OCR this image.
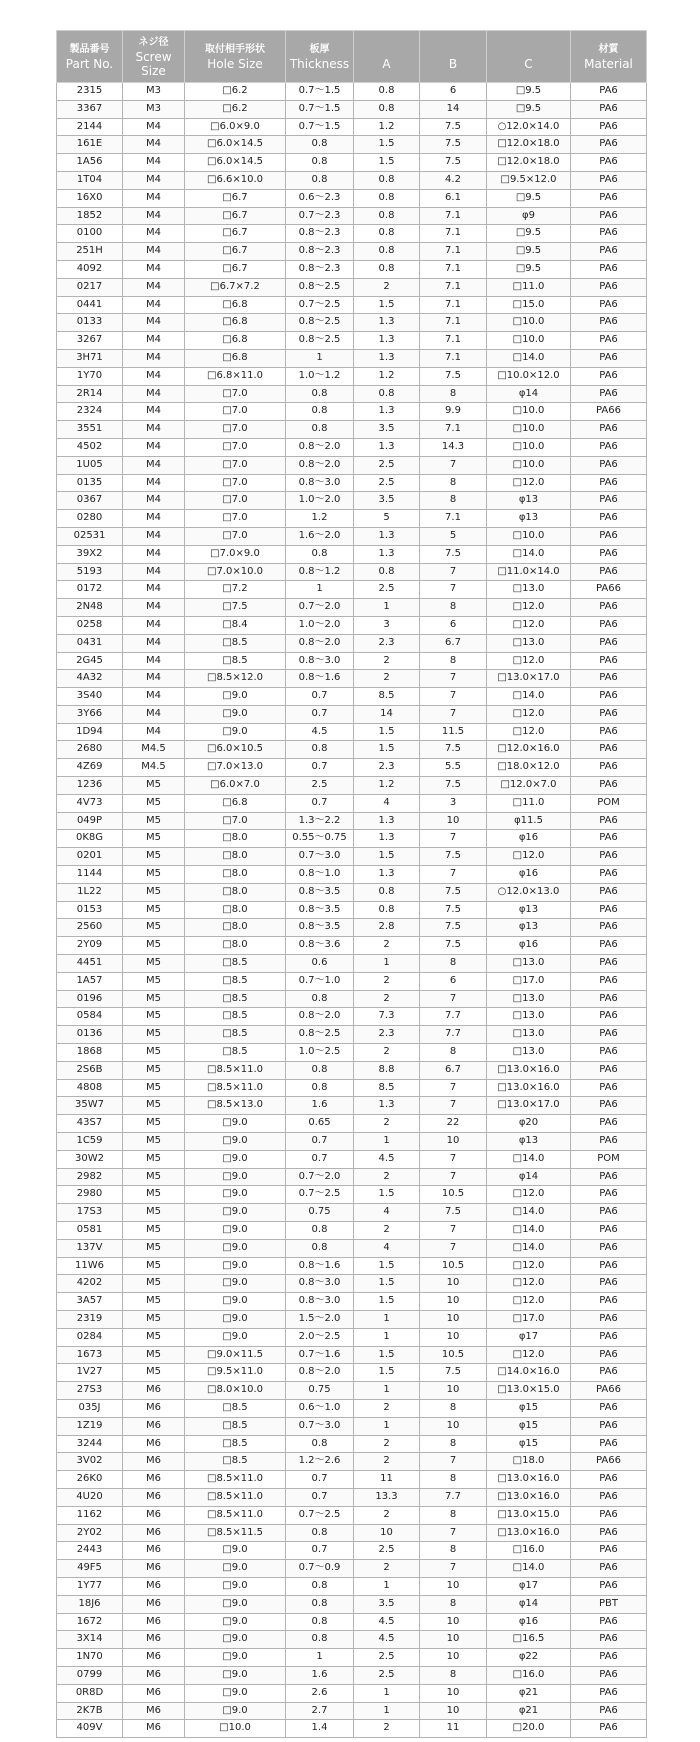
製品番号
Part No.	ネジ径
Screw
Size	取付相手形状
Hole Size	板厚
Thickness	A	B	C	材質
Material

2315	M3	□6.2	0.7～1.5	0.8	6	□9.5	PA6
3367	M3	□6.2	0.7～1.5	0.8	14	□9.5	PA6
2144	M4	□6.0×9.0	0.7～1.5	1.2	7.5	○12.0×14.0	PA6
161E	M4	□6.0×14.5	0.8	1.5	7.5	□12.0×18.0	PA6
1A56	M4	□6.0×14.5	0.8	1.5	7.5	□12.0×18.0	PA6
1T04	M4	□6.6×10.0	0.8	0.8	4.2	□9.5×12.0	PA6
16X0	M4	□6.7	0.6～2.3	0.8	6.1	□9.5	PA6
1852	M4	□6.7	0.7～2.3	0.8	7.1	φ9	PA6
0100	M4	□6.7	0.8～2.3	0.8	7.1	□9.5	PA6
251H	M4	□6.7	0.8～2.3	0.8	7.1	□9.5	PA6
4092	M4	□6.7	0.8～2.3	0.8	7.1	□9.5	PA6
0217	M4	□6.7×7.2	0.8～2.5	2	7.1	□11.0	PA6
0441	M4	□6.8	0.7～2.5	1.5	7.1	□15.0	PA6
0133	M4	□6.8	0.8～2.5	1.3	7.1	□10.0	PA6
3267	M4	□6.8	0.8～2.5	1.3	7.1	□10.0	PA6
3H71	M4	□6.8	1	1.3	7.1	□14.0	PA6
1Y70	M4	□6.8×11.0	1.0～1.2	1.2	7.5	□10.0×12.0	PA6
2R14	M4	□7.0	0.8	0.8	8	φ14	PA6
2324	M4	□7.0	0.8	1.3	9.9	□10.0	PA66
3551	M4	□7.0	0.8	3.5	7.1	□10.0	PA6
4502	M4	□7.0	0.8～2.0	1.3	14.3	□10.0	PA6
1U05	M4	□7.0	0.8～2.0	2.5	7	□10.0	PA6
0135	M4	□7.0	0.8～3.0	2.5	8	□12.0	PA6
0367	M4	□7.0	1.0～2.0	3.5	8	φ13	PA6
0280	M4	□7.0	1.2	5	7.1	φ13	PA6
02531	M4	□7.0	1.6～2.0	1.3	5	□10.0	PA6
39X2	M4	□7.0×9.0	0.8	1.3	7.5	□14.0	PA6
5193	M4	□7.0×10.0	0.8～1.2	0.8	7	□11.0×14.0	PA6
0172	M4	□7.2	1	2.5	7	□13.0	PA66
2N48	M4	□7.5	0.7～2.0	1	8	□12.0	PA6
0258	M4	□8.4	1.0～2.0	3	6	□12.0	PA6
0431	M4	□8.5	0.8～2.0	2.3	6.7	□13.0	PA6
2G45	M4	□8.5	0.8～3.0	2	8	□12.0	PA6
4A32	M4	□8.5×12.0	0.8～1.6	2	7	□13.0×17.0	PA6
3S40	M4	□9.0	0.7	8.5	7	□14.0	PA6
3Y66	M4	□9.0	0.7	14	7	□12.0	PA6
1D94	M4	□9.0	4.5	1.5	11.5	□12.0	PA6
2680	M4.5	□6.0×10.5	0.8	1.5	7.5	□12.0×16.0	PA6
4Z69	M4.5	□7.0×13.0	0.7	2.3	5.5	□18.0×12.0	PA6
1236	M5	□6.0×7.0	2.5	1.2	7.5	□12.0×7.0	PA6
4V73	M5	□6.8	0.7	4	3	□11.0	POM
049P	M5	□7.0	1.3～2.2	1.3	10	φ11.5	PA6
0K8G	M5	□8.0	0.55～0.75	1.3	7	φ16	PA6
0201	M5	□8.0	0.7～3.0	1.5	7.5	□12.0	PA6
1144	M5	□8.0	0.8～1.0	1.3	7	φ16	PA6
1L22	M5	□8.0	0.8～3.5	0.8	7.5	○12.0×13.0	PA6
0153	M5	□8.0	0.8～3.5	0.8	7.5	φ13	PA6
2560	M5	□8.0	0.8～3.5	2.8	7.5	φ13	PA6
2Y09	M5	□8.0	0.8～3.6	2	7.5	φ16	PA6
4451	M5	□8.5	0.6	1	8	□13.0	PA6
1A57	M5	□8.5	0.7～1.0	2	6	□17.0	PA6
0196	M5	□8.5	0.8	2	7	□13.0	PA6
0584	M5	□8.5	0.8～2.0	7.3	7.7	□13.0	PA6
0136	M5	□8.5	0.8～2.5	2.3	7.7	□13.0	PA6
1868	M5	□8.5	1.0～2.5	2	8	□13.0	PA6
2S6B	M5	□8.5×11.0	0.8	8.8	6.7	□13.0×16.0	PA6
4808	M5	□8.5×11.0	0.8	8.5	7	□13.0×16.0	PA6
35W7	M5	□8.5×13.0	1.6	1.3	7	□13.0×17.0	PA6
43S7	M5	□9.0	0.65	2	22	φ20	PA6
1C59	M5	□9.0	0.7	1	10	φ13	PA6
30W2	M5	□9.0	0.7	4.5	7	□14.0	POM
2982	M5	□9.0	0.7～2.0	2	7	φ14	PA6
2980	M5	□9.0	0.7～2.5	1.5	10.5	□12.0	PA6
17S3	M5	□9.0	0.75	4	7.5	□14.0	PA6
0581	M5	□9.0	0.8	2	7	□14.0	PA6
137V	M5	□9.0	0.8	4	7	□14.0	PA6
11W6	M5	□9.0	0.8～1.6	1.5	10.5	□12.0	PA6
4202	M5	□9.0	0.8～3.0	1.5	10	□12.0	PA6
3A57	M5	□9.0	0.8～3.0	1.5	10	□12.0	PA6
2319	M5	□9.0	1.5～2.0	1	10	□17.0	PA6
0284	M5	□9.0	2.0～2.5	1	10	φ17	PA6
1673	M5	□9.0×11.5	0.7～1.6	1.5	10.5	□12.0	PA6
1V27	M5	□9.5×11.0	0.8～2.0	1.5	7.5	□14.0×16.0	PA6
27S3	M6	□8.0×10.0	0.75	1	10	□13.0×15.0	PA66
035J	M6	□8.5	0.6～1.0	2	8	φ15	PA6
1Z19	M6	□8.5	0.7～3.0	1	10	φ15	PA6
3244	M6	□8.5	0.8	2	8	φ15	PA6
3V02	M6	□8.5	1.2～2.6	2	7	□18.0	PA66
26K0	M6	□8.5×11.0	0.7	11	8	□13.0×16.0	PA6
4U20	M6	□8.5×11.0	0.7	13.3	7.7	□13.0×16.0	PA6
1162	M6	□8.5×11.0	0.7～2.5	2	8	□13.0×15.0	PA6
2Y02	M6	□8.5×11.5	0.8	10	7	□13.0×16.0	PA6
2443	M6	□9.0	0.7	2.5	8	□16.0	PA6
49F5	M6	□9.0	0.7～0.9	2	7	□14.0	PA6
1Y77	M6	□9.0	0.8	1	10	φ17	PA6
18J6	M6	□9.0	0.8	3.5	8	φ14	PBT
1672	M6	□9.0	0.8	4.5	10	φ16	PA6
3X14	M6	□9.0	0.8	4.5	10	□16.5	PA6
1N70	M6	□9.0	1	2.5	10	φ22	PA6
0799	M6	□9.0	1.6	2.5	8	□16.0	PA6
0R8D	M6	□9.0	2.6	1	10	φ21	PA6
2K7B	M6	□9.0	2.7	1	10	φ21	PA6
409V	M6	□10.0	1.4	2	11	□20.0	PA6
